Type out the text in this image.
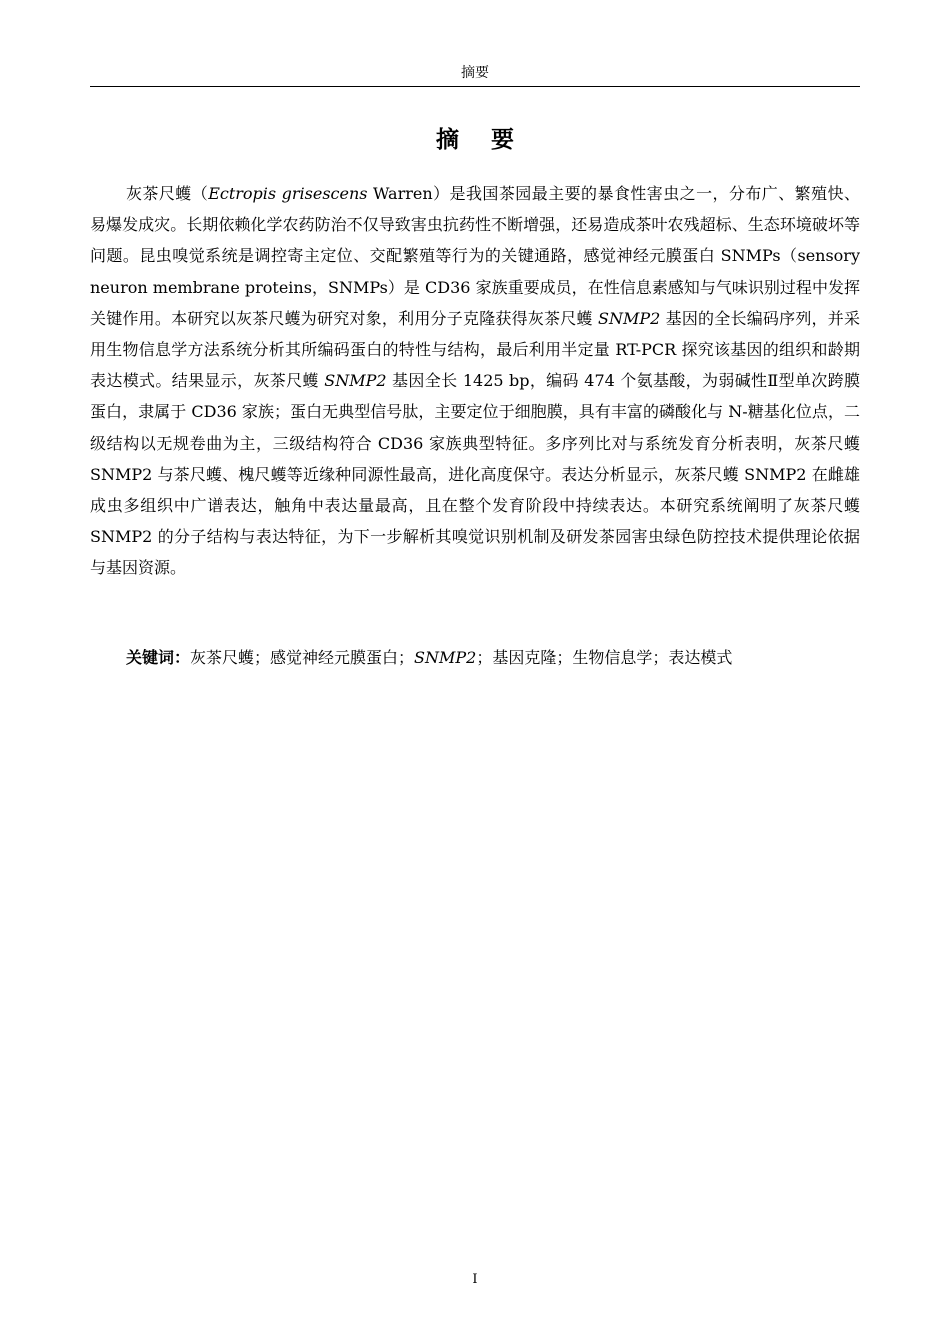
摘要
摘 要

灰茶尺蠖（Ectropis grisescens Warren）是我国茶园最主要的暴食性害虫之一，分布广、繁殖快、易爆发成灾。长期依赖化学农药防治不仅导致害虫抗药性不断增强，还易造成茶叶农残超标、生态环境破坏等问题。昆虫嗅觉系统是调控寄主定位、交配繁殖等行为的关键通路，感觉神经元膜蛋白 SNMPs（sensory neuron membrane proteins，SNMPs）是 CD36 家族重要成员，在性信息素感知与气味识别过程中发挥关键作用。本研究以灰茶尺蠖为研究对象，利用分子克隆获得灰茶尺蠖 SNMP2 基因的全长编码序列，并采用生物信息学方法系统分析其所编码蛋白的特性与结构，最后利用半定量 RT-PCR 探究该基因的组织和龄期表达模式。结果显示，灰茶尺蠖 SNMP2 基因全长 1425 bp，编码 474 个氨基酸，为弱碱性Ⅱ型单次跨膜蛋白，隶属于 CD36 家族；蛋白无典型信号肽，主要定位于细胞膜，具有丰富的磷酸化与 N-糖基化位点，二级结构以无规卷曲为主，三级结构符合 CD36 家族典型特征。多序列比对与系统发育分析表明，灰茶尺蠖 SNMP2 与茶尺蠖、槐尺蠖等近缘种同源性最高，进化高度保守。表达分析显示，灰茶尺蠖 SNMP2 在雌雄成虫多组织中广谱表达，触角中表达量最高，且在整个发育阶段中持续表达。本研究系统阐明了灰茶尺蠖 SNMP2 的分子结构与表达特征，为下一步解析其嗅觉识别机制及研发茶园害虫绿色防控技术提供理论依据与基因资源。

关键词：灰茶尺蠖；感觉神经元膜蛋白；SNMP2；基因克隆；生物信息学；表达模式

I
